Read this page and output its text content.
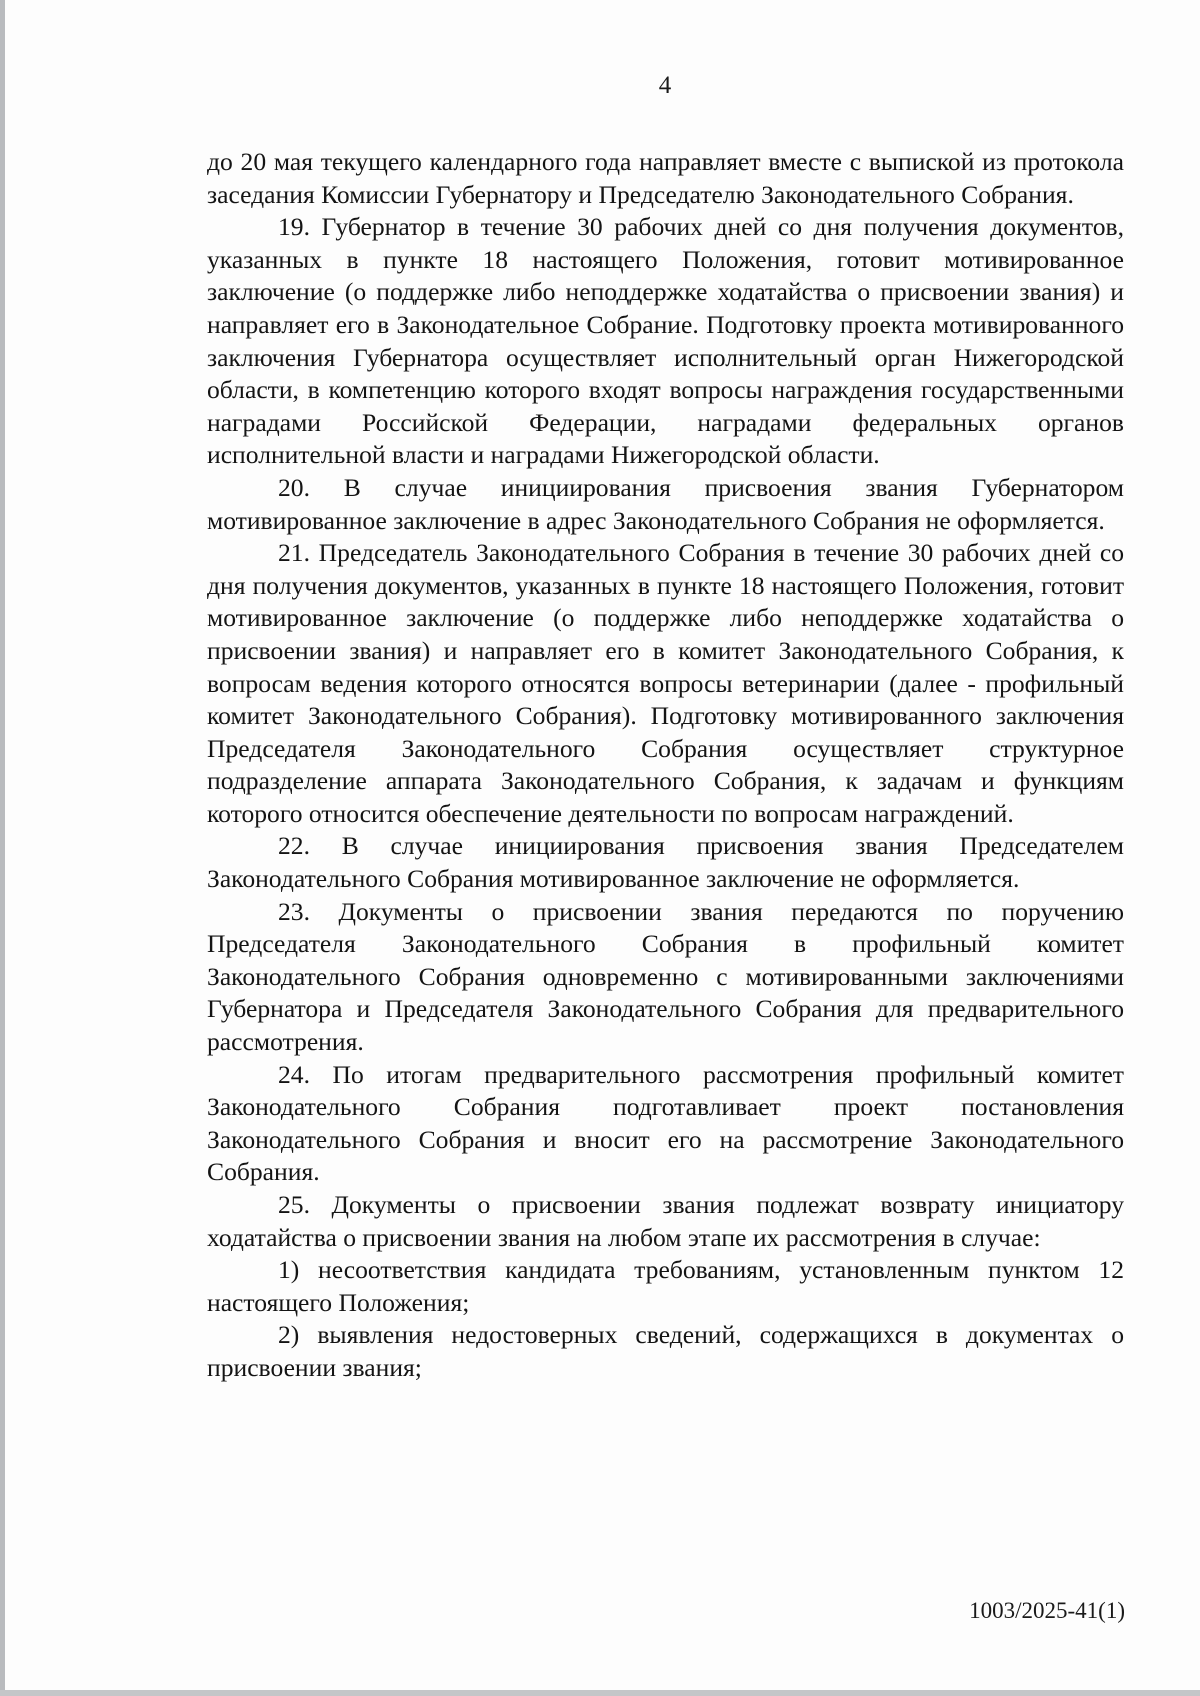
4

до 20 мая текущего календарного года направляет вместе с выпиской из протокола заседания Комиссии Губернатору и Председателю Законодательного Собрания.

19. Губернатор в течение 30 рабочих дней со дня получения документов, указанных в пункте 18 настоящего Положения, готовит мотивированное заключение (о поддержке либо неподдержке ходатайства о присвоении звания) и направляет его в Законодательное Собрание. Подготовку проекта мотивированного заключения Губернатора осуществляет исполнительный орган Нижегородской области, в компетенцию которого входят вопросы награждения государственными наградами Российской Федерации, наградами федеральных органов исполнительной власти и наградами Нижегородской области.

20. В случае инициирования присвоения звания Губернатором мотивированное заключение в адрес Законодательного Собрания не оформляется.

21. Председатель Законодательного Собрания в течение 30 рабочих дней со дня получения документов, указанных в пункте 18 настоящего Положения, готовит мотивированное заключение (о поддержке либо неподдержке ходатайства о присвоении звания) и направляет его в комитет Законодательного Собрания, к вопросам ведения которого относятся вопросы ветеринарии (далее - профильный комитет Законодательного Собрания). Подготовку мотивированного заключения Председателя Законодательного Собрания осуществляет структурное подразделение аппарата Законодательного Собрания, к задачам и функциям которого относится обеспечение деятельности по вопросам награждений.

22. В случае инициирования присвоения звания Председателем Законодательного Собрания мотивированное заключение не оформляется.

23. Документы о присвоении звания передаются по поручению Председателя Законодательного Собрания в профильный комитет Законодательного Собрания одновременно с мотивированными заключениями Губернатора и Председателя Законодательного Собрания для предварительного рассмотрения.

24. По итогам предварительного рассмотрения профильный комитет Законодательного Собрания подготавливает проект постановления Законодательного Собрания и вносит его на рассмотрение Законодательного Собрания.

25. Документы о присвоении звания подлежат возврату инициатору ходатайства о присвоении звания на любом этапе их рассмотрения в случае:

1) несоответствия кандидата требованиям, установленным пунктом 12 настоящего Положения;

2) выявления недостоверных сведений, содержащихся в документах о присвоении звания;

1003/2025-41(1)
